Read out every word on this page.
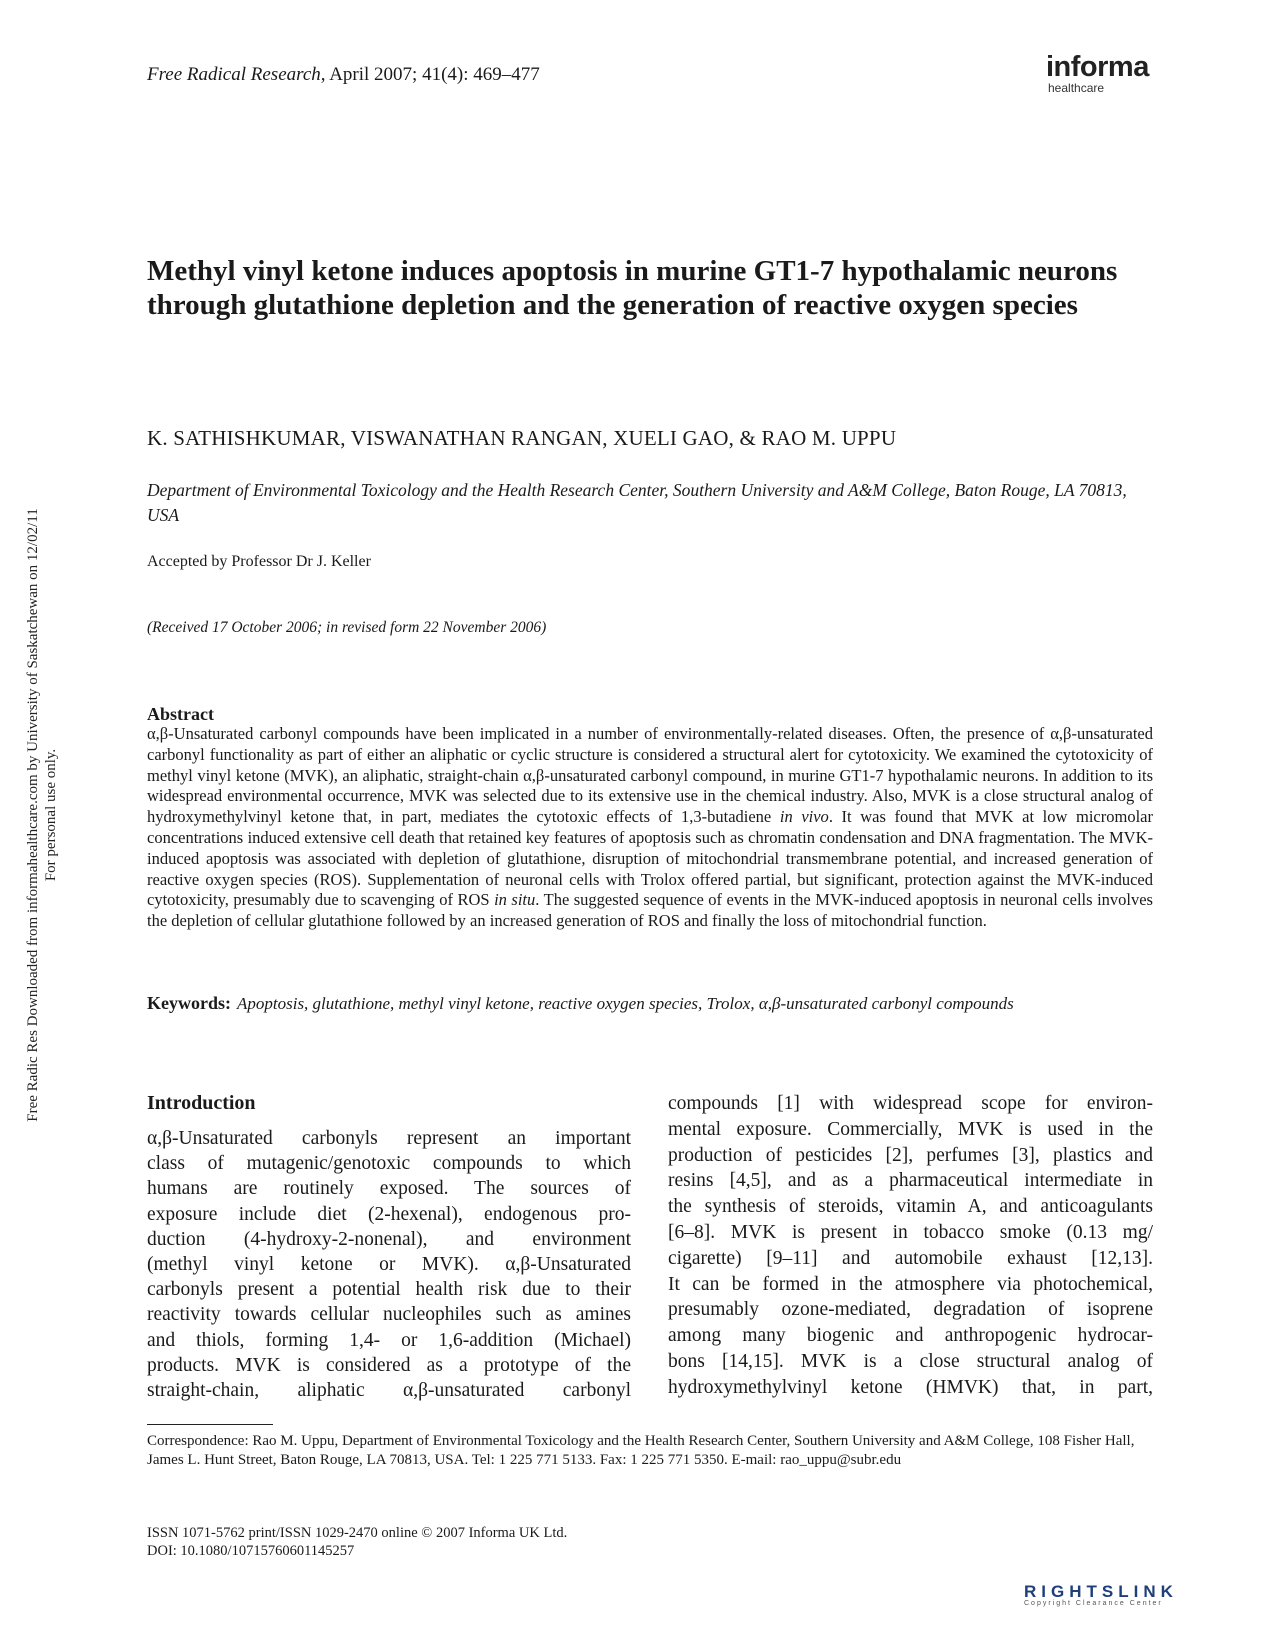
Free Radical Research, April 2007; 41(4): 469–477	informa
healthcare
Methyl vinyl ketone induces apoptosis in murine GT1-7 hypothalamic neurons through glutathione depletion and the generation of reactive oxygen species
K. SATHISHKUMAR, VISWANATHAN RANGAN, XUELI GAO, & RAO M. UPPU
Department of Environmental Toxicology and the Health Research Center, Southern University and A&M College, Baton Rouge, LA 70813, USA
Accepted by Professor Dr J. Keller
(Received 17 October 2006; in revised form 22 November 2006)
Abstract
α,β-Unsaturated carbonyl compounds have been implicated in a number of environmentally-related diseases. Often, the presence of α,β-unsaturated carbonyl functionality as part of either an aliphatic or cyclic structure is considered a structural alert for cytotoxicity. We examined the cytotoxicity of methyl vinyl ketone (MVK), an aliphatic, straight-chain α,β-unsaturated carbonyl compound, in murine GT1-7 hypothalamic neurons. In addition to its widespread environmental occurrence, MVK was selected due to its extensive use in the chemical industry. Also, MVK is a close structural analog of hydroxymethylvinyl ketone that, in part, mediates the cytotoxic effects of 1,3-butadiene in vivo. It was found that MVK at low micromolar concentrations induced extensive cell death that retained key features of apoptosis such as chromatin condensation and DNA fragmentation. The MVK-induced apoptosis was associated with depletion of glutathione, disruption of mitochondrial transmembrane potential, and increased generation of reactive oxygen species (ROS). Supplementation of neuronal cells with Trolox offered partial, but significant, protection against the MVK-induced cytotoxicity, presumably due to scavenging of ROS in situ. The suggested sequence of events in the MVK-induced apoptosis in neuronal cells involves the depletion of cellular glutathione followed by an increased generation of ROS and finally the loss of mitochondrial function.
Keywords: Apoptosis, glutathione, methyl vinyl ketone, reactive oxygen species, Trolox, α,β-unsaturated carbonyl compounds
Introduction
α,β-Unsaturated carbonyls represent an important
class of mutagenic/genotoxic compounds to which
humans are routinely exposed. The sources of
exposure include diet (2-hexenal), endogenous pro-
duction (4-hydroxy-2-nonenal), and environment
(methyl vinyl ketone or MVK). α,β-Unsaturated
carbonyls present a potential health risk due to their
reactivity towards cellular nucleophiles such as amines
and thiols, forming 1,4- or 1,6-addition (Michael)
products. MVK is considered as a prototype of the
straight-chain, aliphatic α,β-unsaturated carbonyl
compounds [1] with widespread scope for environ-
mental exposure. Commercially, MVK is used in the
production of pesticides [2], perfumes [3], plastics and
resins [4,5], and as a pharmaceutical intermediate in
the synthesis of steroids, vitamin A, and anticoagulants
[6–8]. MVK is present in tobacco smoke (0.13 mg/
cigarette) [9–11] and automobile exhaust [12,13].
It can be formed in the atmosphere via photochemical,
presumably ozone-mediated, degradation of isoprene
among many biogenic and anthropogenic hydrocar-
bons [14,15]. MVK is a close structural analog of
hydroxymethylvinyl ketone (HMVK) that, in part,
Correspondence: Rao M. Uppu, Department of Environmental Toxicology and the Health Research Center, Southern University and A&M College, 108 Fisher Hall, James L. Hunt Street, Baton Rouge, LA 70813, USA. Tel: 1 225 771 5133. Fax: 1 225 771 5350. E-mail: rao_uppu@subr.edu
ISSN 1071-5762 print/ISSN 1029-2470 online © 2007 Informa UK Ltd.
DOI: 10.1080/10715760601145257
Free Radic Res Downloaded from informahealthcare.com by University of Saskatchewan on 12/02/11 For personal use only.
RIGHTSLINK
Copyright Clearance Center
